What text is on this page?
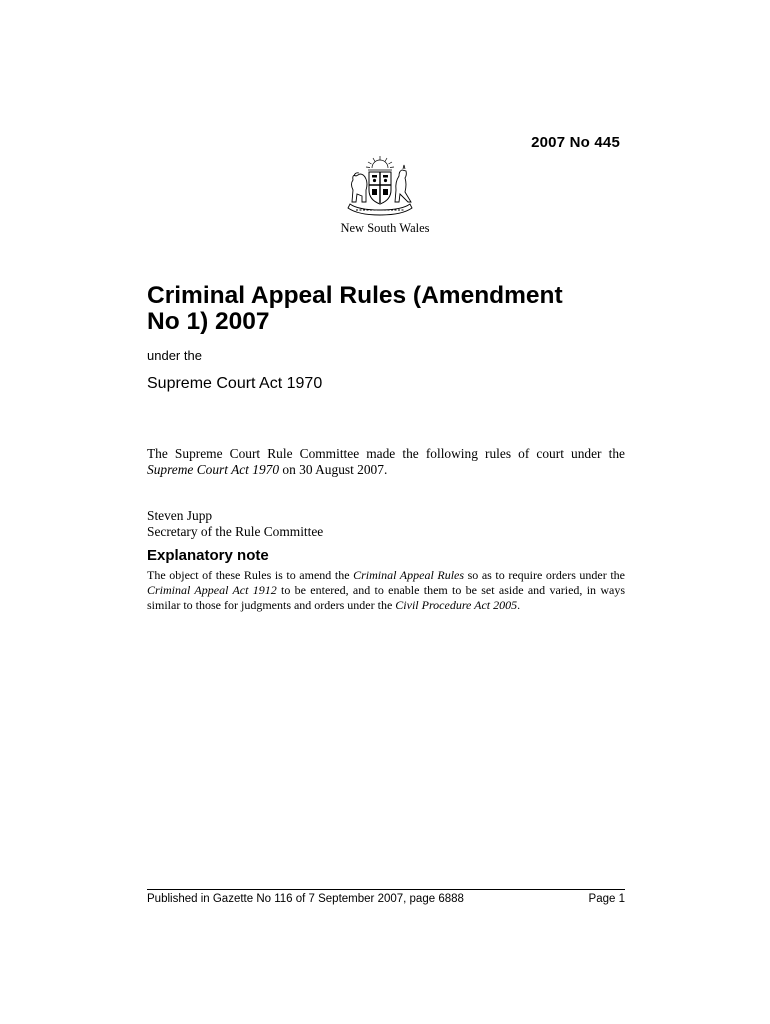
2007 No 445
New South Wales
Criminal Appeal Rules (Amendment
No 1) 2007
under the
Supreme Court Act 1970

The Supreme Court Rule Committee made the following rules of court under the Supreme Court Act 1970 on 30 August 2007.

Steven Jupp
Secretary of the Rule Committee
Explanatory note

The object of these Rules is to amend the Criminal Appeal Rules so as to require orders under the Criminal Appeal Act 1912 to be entered, and to enable them to be set aside and varied, in ways similar to those for judgments and orders under the Civil Procedure Act 2005.

Published in Gazette No 116 of 7 September 2007, page 6888	Page 1
